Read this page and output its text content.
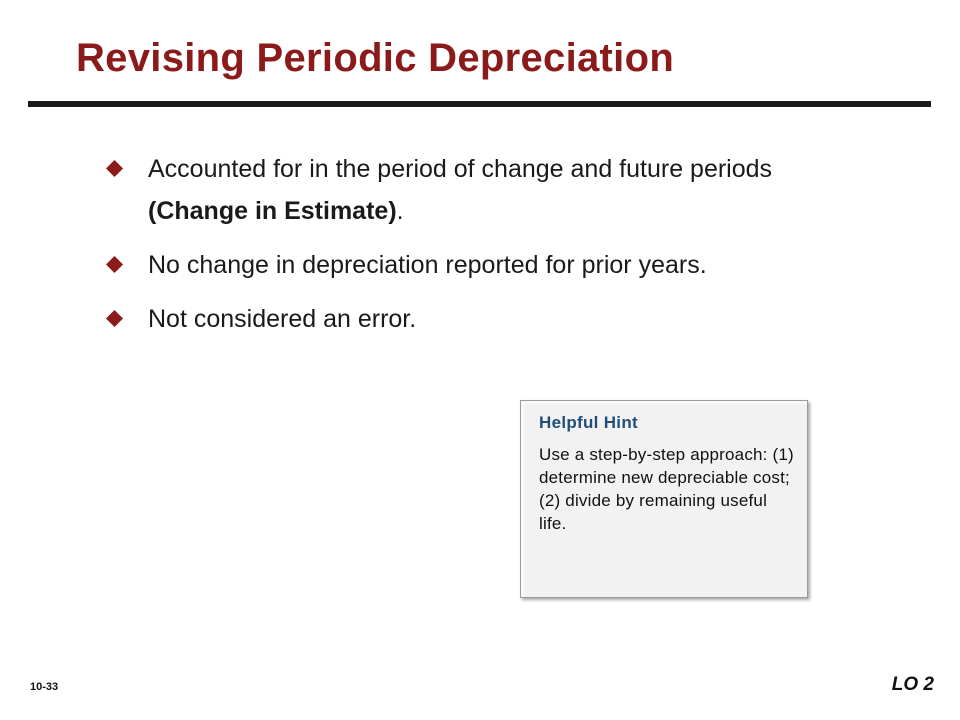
Revising Periodic Depreciation
Accounted for in the period of change and future periods (Change in Estimate).
No change in depreciation reported for prior years.
Not considered an error.

Helpful Hint

Use a step-by-step approach: (1) determine new depreciable cost; (2) divide by remaining useful life.

10-33	LO 2
